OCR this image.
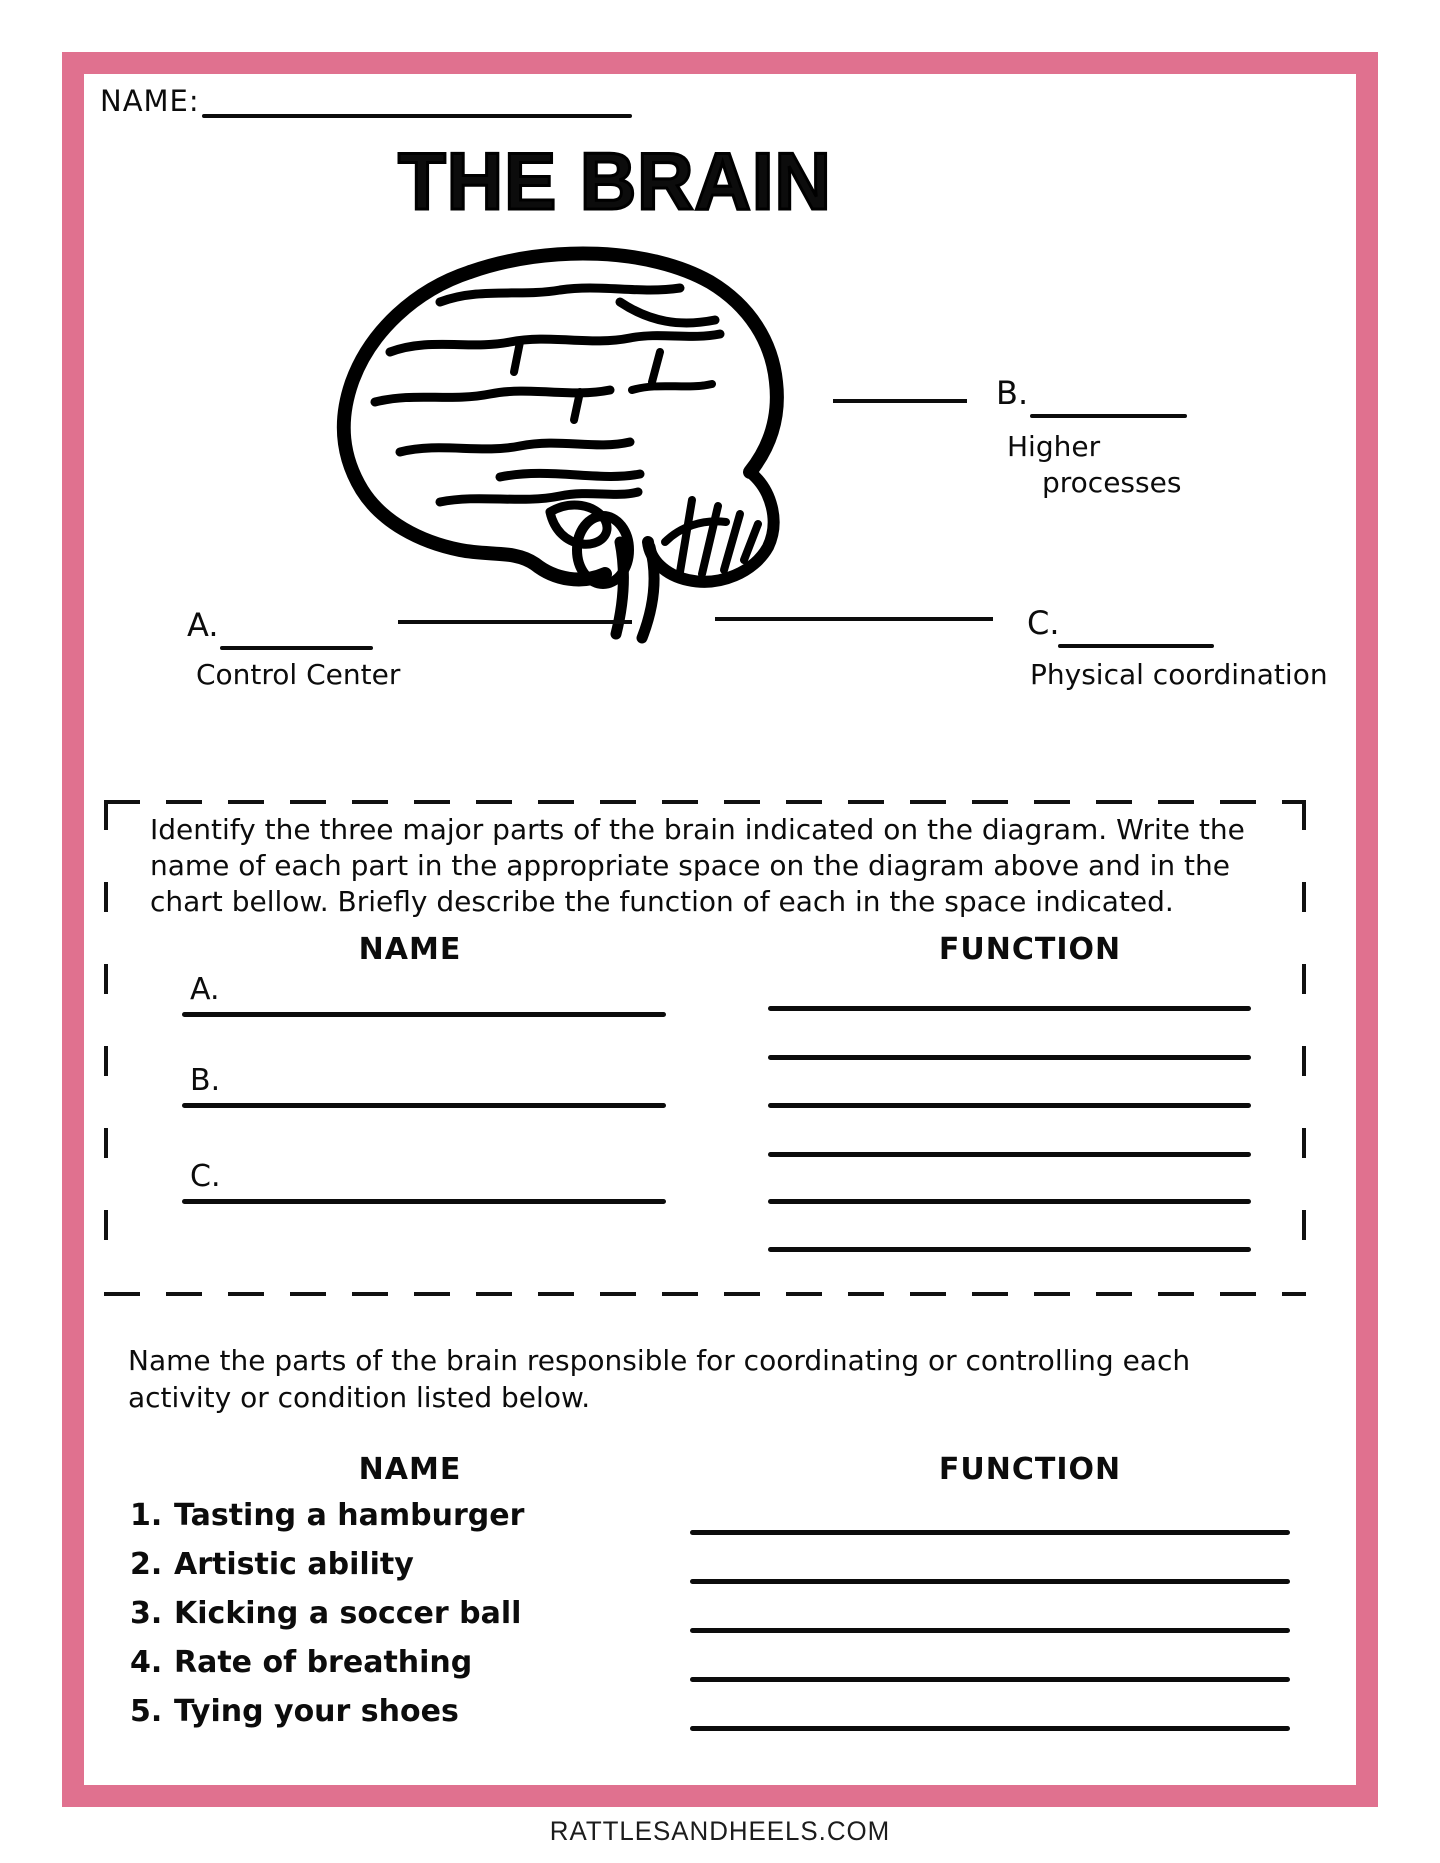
NAME:
THE BRAIN
B.
Higher
processes
A.
Control Center
C.
Physical coordination
Identify the three major parts of the brain indicated on the diagram. Write the
name of each part in the appropriate space on the diagram above and in the
chart bellow. Briefly describe the function of each in the space indicated.
NAME	FUNCTION
A.
B.
C.
Name the parts of the brain responsible for coordinating or controlling each
activity or condition listed below.
NAME	FUNCTION
1. Tasting a hamburger
2. Artistic ability
3. Kicking a soccer ball
4. Rate of breathing
5. Tying your shoes
RATTLESANDHEELS.COM
